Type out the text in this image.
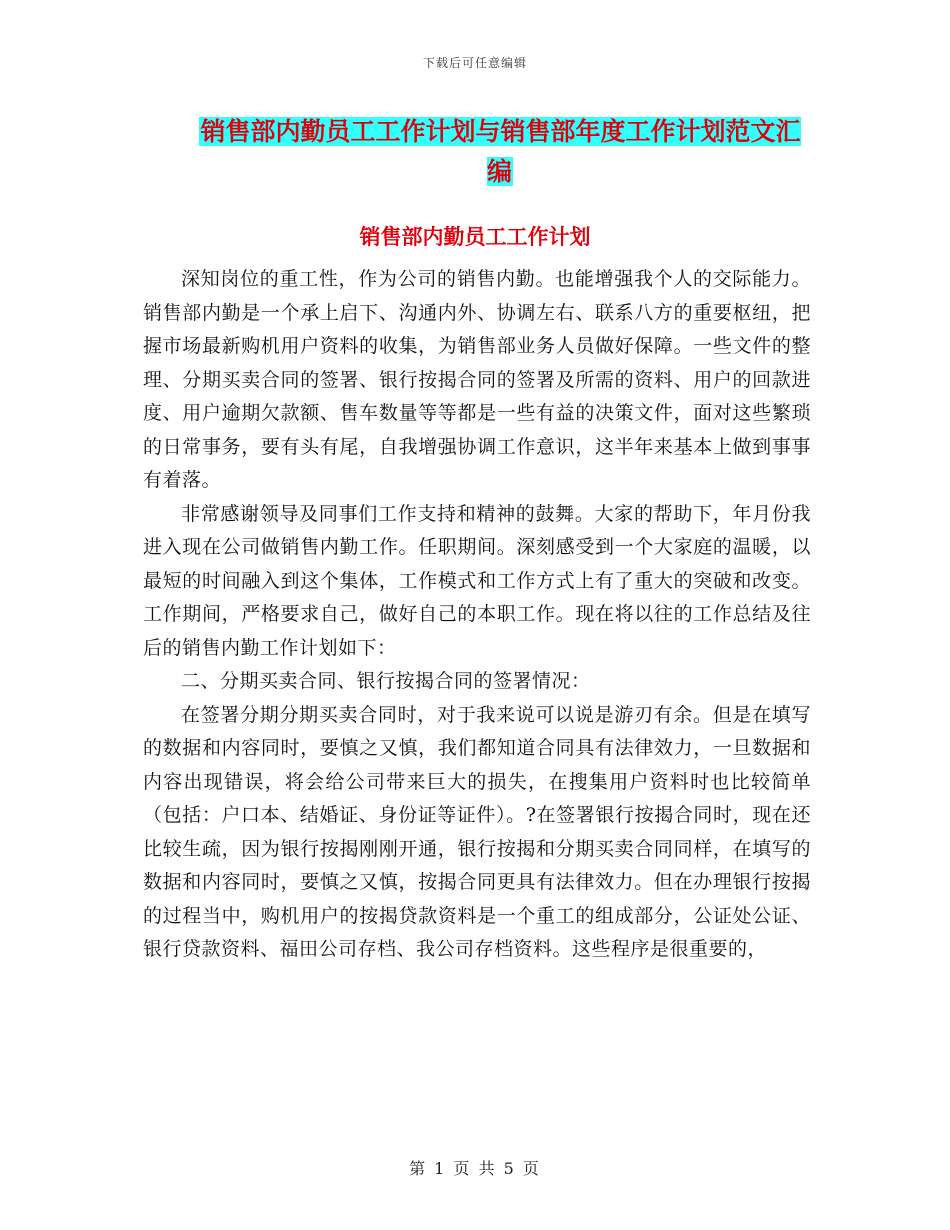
下载后可任意编辑
销售部内勤员工工作计划与销售部年度工作计划范文汇编
销售部内勤员工工作计划

深知岗位的重工性，作为公司的销售内勤。也能增强我个人的交际能力。销售部内勤是一个承上启下、沟通内外、协调左右、联系八方的重要枢纽，把握市场最新购机用户资料的收集，为销售部业务人员做好保障。一些文件的整理、分期买卖合同的签署、银行按揭合同的签署及所需的资料、用户的回款进度、用户逾期欠款额、售车数量等等都是一些有益的决策文件，面对这些繁琐的日常事务，要有头有尾，自我增强协调工作意识，这半年来基本上做到事事有着落。

非常感谢领导及同事们工作支持和精神的鼓舞。大家的帮助下，年月份我进入现在公司做销售内勤工作。任职期间。深刻感受到一个大家庭的温暖，以最短的时间融入到这个集体，工作模式和工作方式上有了重大的突破和改变。工作期间，严格要求自己，做好自己的本职工作。现在将以往的工作总结及往后的销售内勤工作计划如下：

二、分期买卖合同、银行按揭合同的签署情况：

在签署分期分期买卖合同时，对于我来说可以说是游刃有余。但是在填写的数据和内容同时，要慎之又慎，我们都知道合同具有法律效力，一旦数据和内容出现错误，将会给公司带来巨大的损失，在搜集用户资料时也比较简单（包括：户口本、结婚证、身份证等证件）。?在签署银行按揭合同时，现在还比较生疏，因为银行按揭刚刚开通，银行按揭和分期买卖合同同样，在填写的数据和内容同时，要慎之又慎，按揭合同更具有法律效力。但在办理银行按揭的过程当中，购机用户的按揭贷款资料是一个重工的组成部分，公证处公证、银行贷款资料、福田公司存档、我公司存档资料。这些程序是很重要的，

第 1 页 共 5 页
